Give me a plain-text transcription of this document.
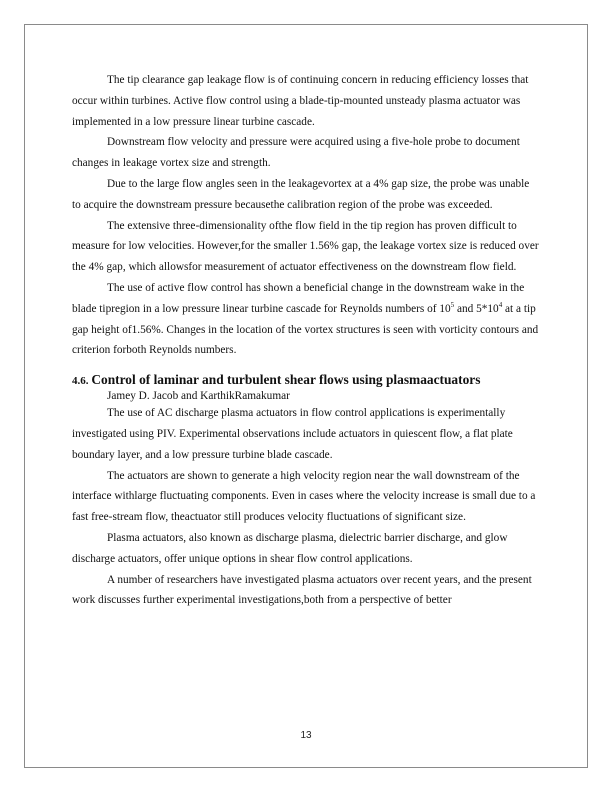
The tip clearance gap leakage flow is of continuing concern in reducing efficiency losses that occur within turbines. Active flow control using a blade-tip-mounted unsteady plasma actuator was implemented in a low pressure linear turbine cascade.

Downstream flow velocity and pressure were acquired using a five-hole probe to document changes in leakage vortex size and strength.

Due to the large flow angles seen in the leakagevortex at a 4% gap size, the probe was unable to acquire the downstream pressure becausethe calibration region of the probe was exceeded.

The extensive three-dimensionality ofthe flow field in the tip region has proven difficult to measure for low velocities. However,for the smaller 1.56% gap, the leakage vortex size is reduced over the 4% gap, which allowsfor measurement of actuator effectiveness on the downstream flow field.

The use of active flow control has shown a beneficial change in the downstream wake in the blade tipregion in a low pressure linear turbine cascade for Reynolds numbers of $10^5$ and $5*10^4$ at a tip gap height of1.56%. Changes in the location of the vortex structures is seen with vorticity contours and criterion forboth Reynolds numbers.

4.6. Control of laminar and turbulent shear flows using plasmaactuators

Jamey D. Jacob and KarthikRamakumar

The use of AC discharge plasma actuators in flow control applications is experimentally investigated using PIV. Experimental observations include actuators in quiescent flow, a flat plate boundary layer, and a low pressure turbine blade cascade.

The actuators are shown to generate a high velocity region near the wall downstream of the interface withlarge fluctuating components. Even in cases where the velocity increase is small due to a fast free-stream flow, theactuator still produces velocity fluctuations of significant size.

Plasma actuators, also known as discharge plasma, dielectric barrier discharge, and glow discharge actuators, offer unique options in shear flow control applications.

A number of researchers have investigated plasma actuators over recent years, and the present work discusses further experimental investigations,both from a perspective of better

13
